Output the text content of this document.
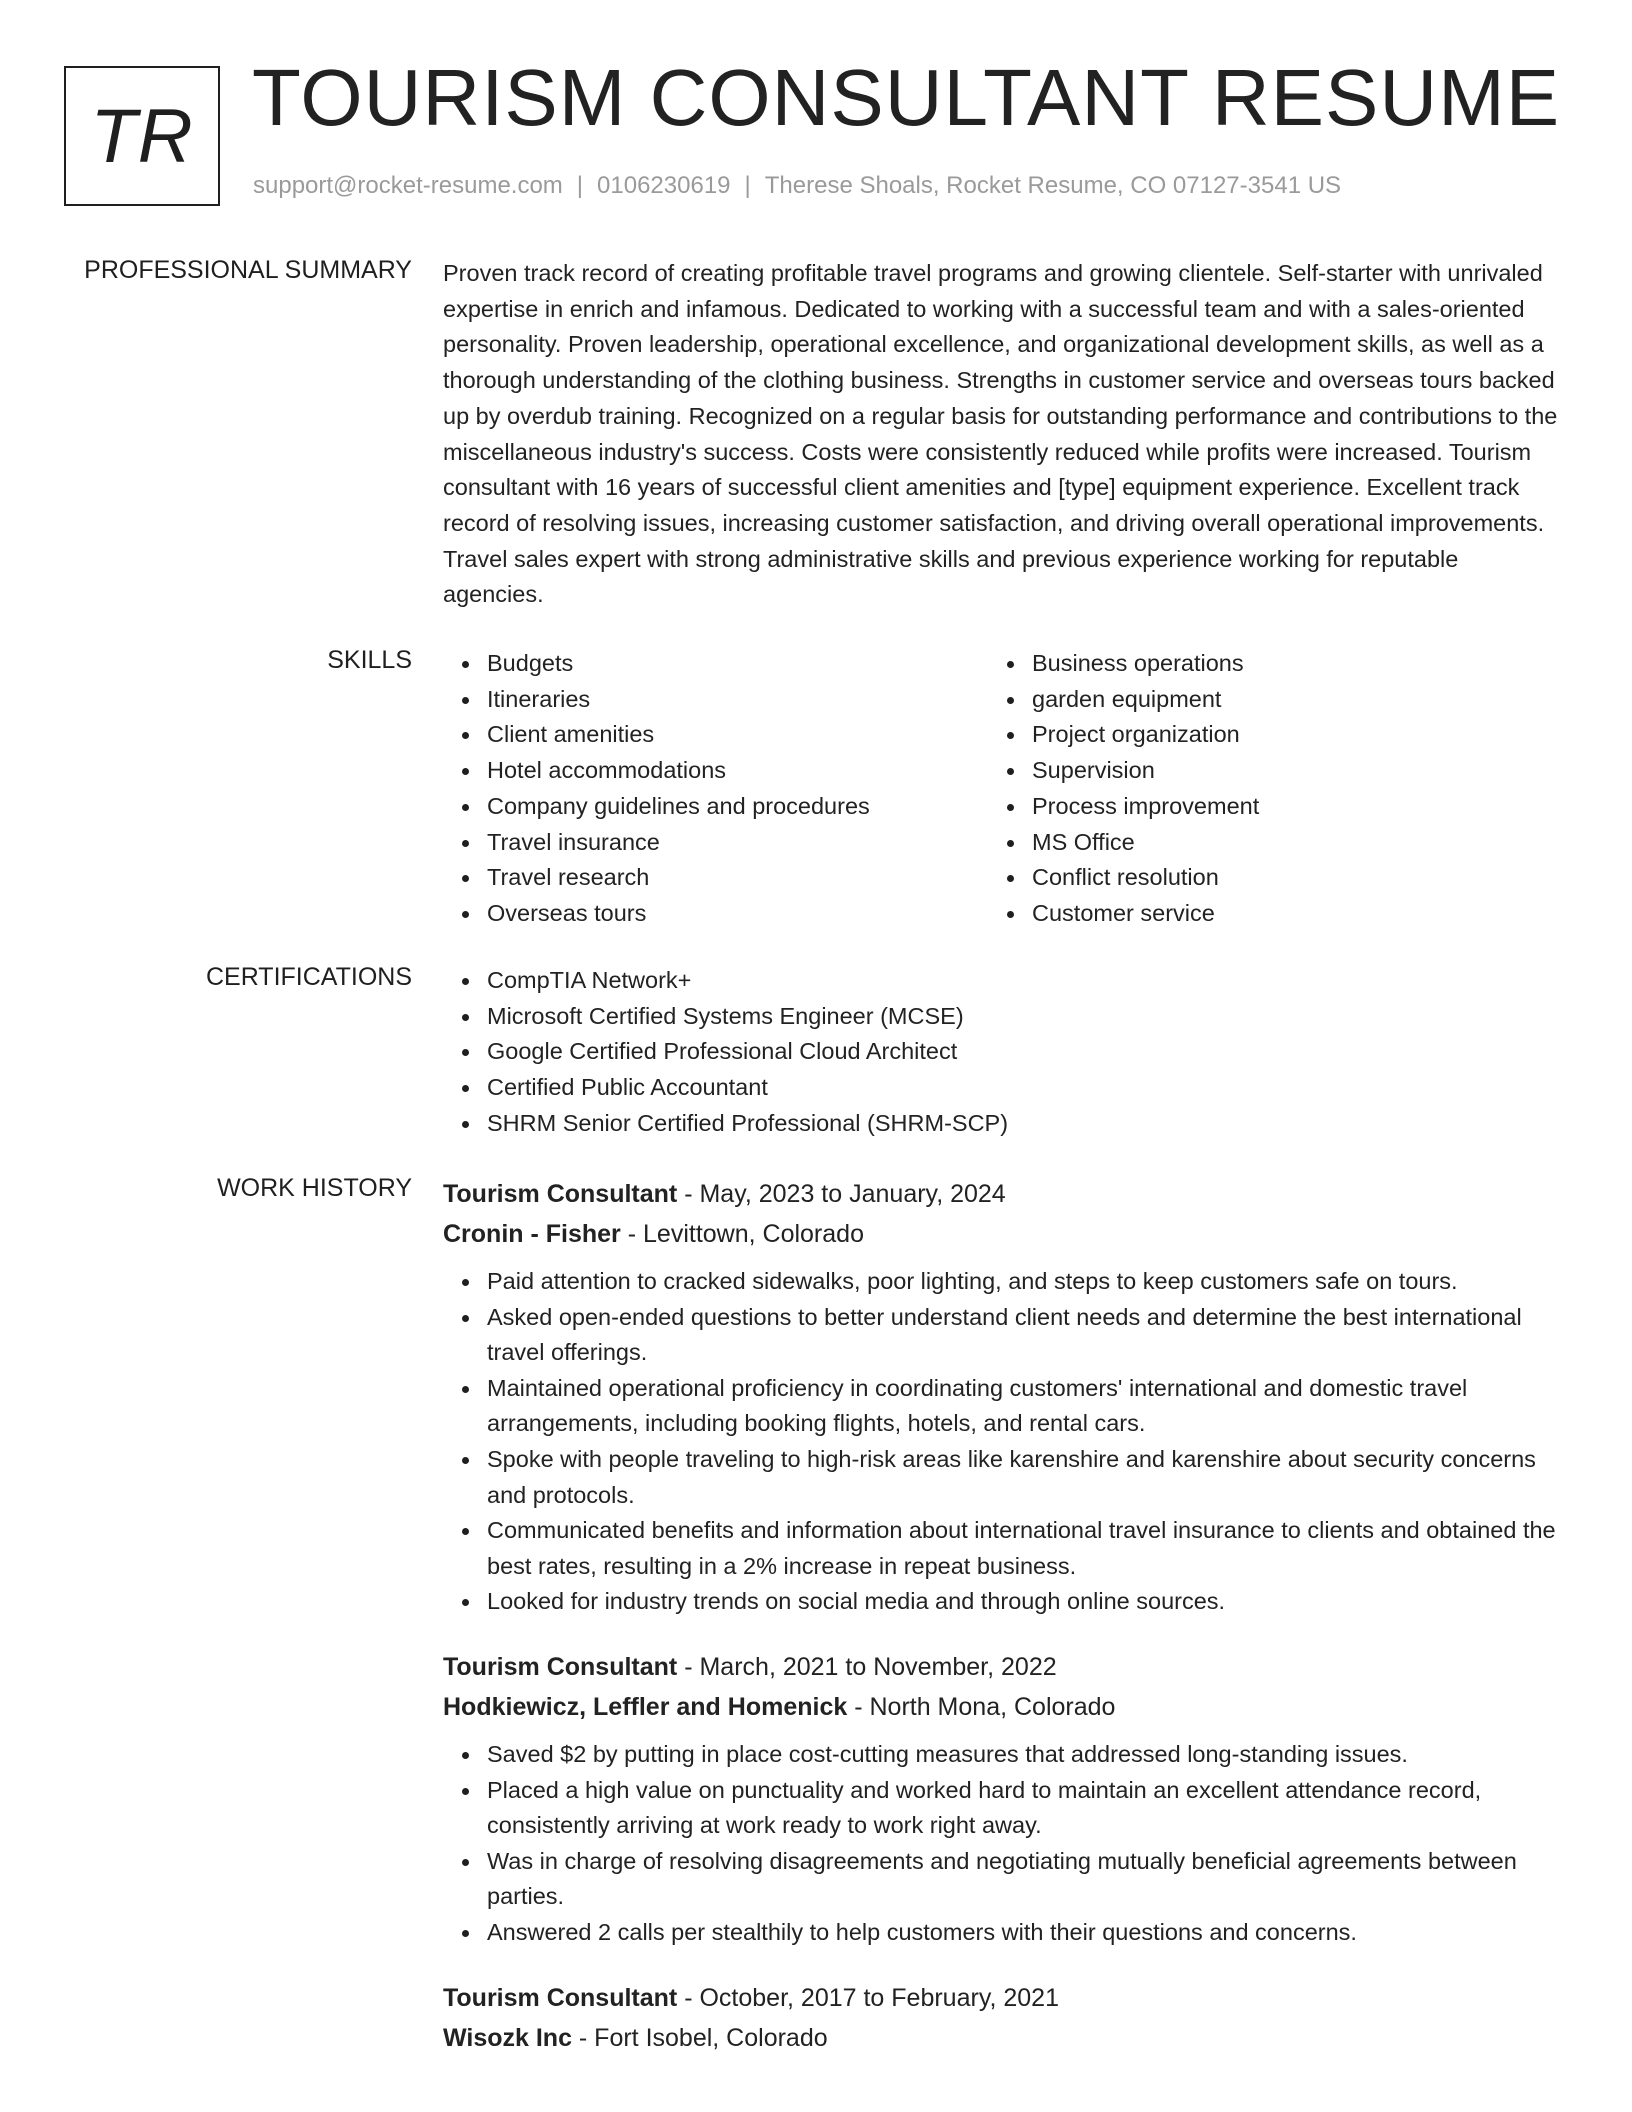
TR TOURISM CONSULTANT RESUME
support@rocket-resume.com | 0106230619 | Therese Shoals, Rocket Resume, CO 07127-3541 US
PROFESSIONAL SUMMARY Proven track record of creating profitable travel programs and growing clientele. Self-starter with unrivaled expertise in enrich and infamous. Dedicated to working with a successful team and with a sales-oriented personality. Proven leadership, operational excellence, and organizational development skills, as well as a thorough understanding of the clothing business. Strengths in customer service and overseas tours backed up by overdub training. Recognized on a regular basis for outstanding performance and contributions to the miscellaneous industry's success. Costs were consistently reduced while profits were increased. Tourism consultant with 16 years of successful client amenities and [type] equipment experience. Excellent track record of resolving issues, increasing customer satisfaction, and driving overall operational improvements. Travel sales expert with strong administrative skills and previous experience working for reputable agencies.
SKILLS	Budgets
Itineraries
Client amenities
Hotel accommodations
Company guidelines and procedures
Travel insurance
Travel research
Overseas tours
Business operations
garden equipment
Project organization
Supervision
Process improvement
MS Office
Conflict resolution
Customer service
CERTIFICATIONS	CompTIA Network+
Microsoft Certified Systems Engineer (MCSE)
Google Certified Professional Cloud Architect
Certified Public Accountant
SHRM Senior Certified Professional (SHRM-SCP)
WORK HISTORY Tourism Consultant - May, 2023 to January, 2024
Cronin - Fisher - Levittown, Colorado
Paid attention to cracked sidewalks, poor lighting, and steps to keep customers safe on tours.
Asked open-ended questions to better understand client needs and determine the best international travel offerings.
Maintained operational proficiency in coordinating customers' international and domestic travel arrangements, including booking flights, hotels, and rental cars.
Spoke with people traveling to high-risk areas like karenshire and karenshire about security concerns and protocols.
Communicated benefits and information about international travel insurance to clients and obtained the best rates, resulting in a 2% increase in repeat business.
Looked for industry trends on social media and through online sources.
Tourism Consultant - March, 2021 to November, 2022
Hodkiewicz, Leffler and Homenick - North Mona, Colorado
Saved $2 by putting in place cost-cutting measures that addressed long-standing issues.
Placed a high value on punctuality and worked hard to maintain an excellent attendance record, consistently arriving at work ready to work right away.
Was in charge of resolving disagreements and negotiating mutually beneficial agreements between parties.
Answered 2 calls per stealthily to help customers with their questions and concerns.
Tourism Consultant - October, 2017 to February, 2021
Wisozk Inc - Fort Isobel, Colorado
